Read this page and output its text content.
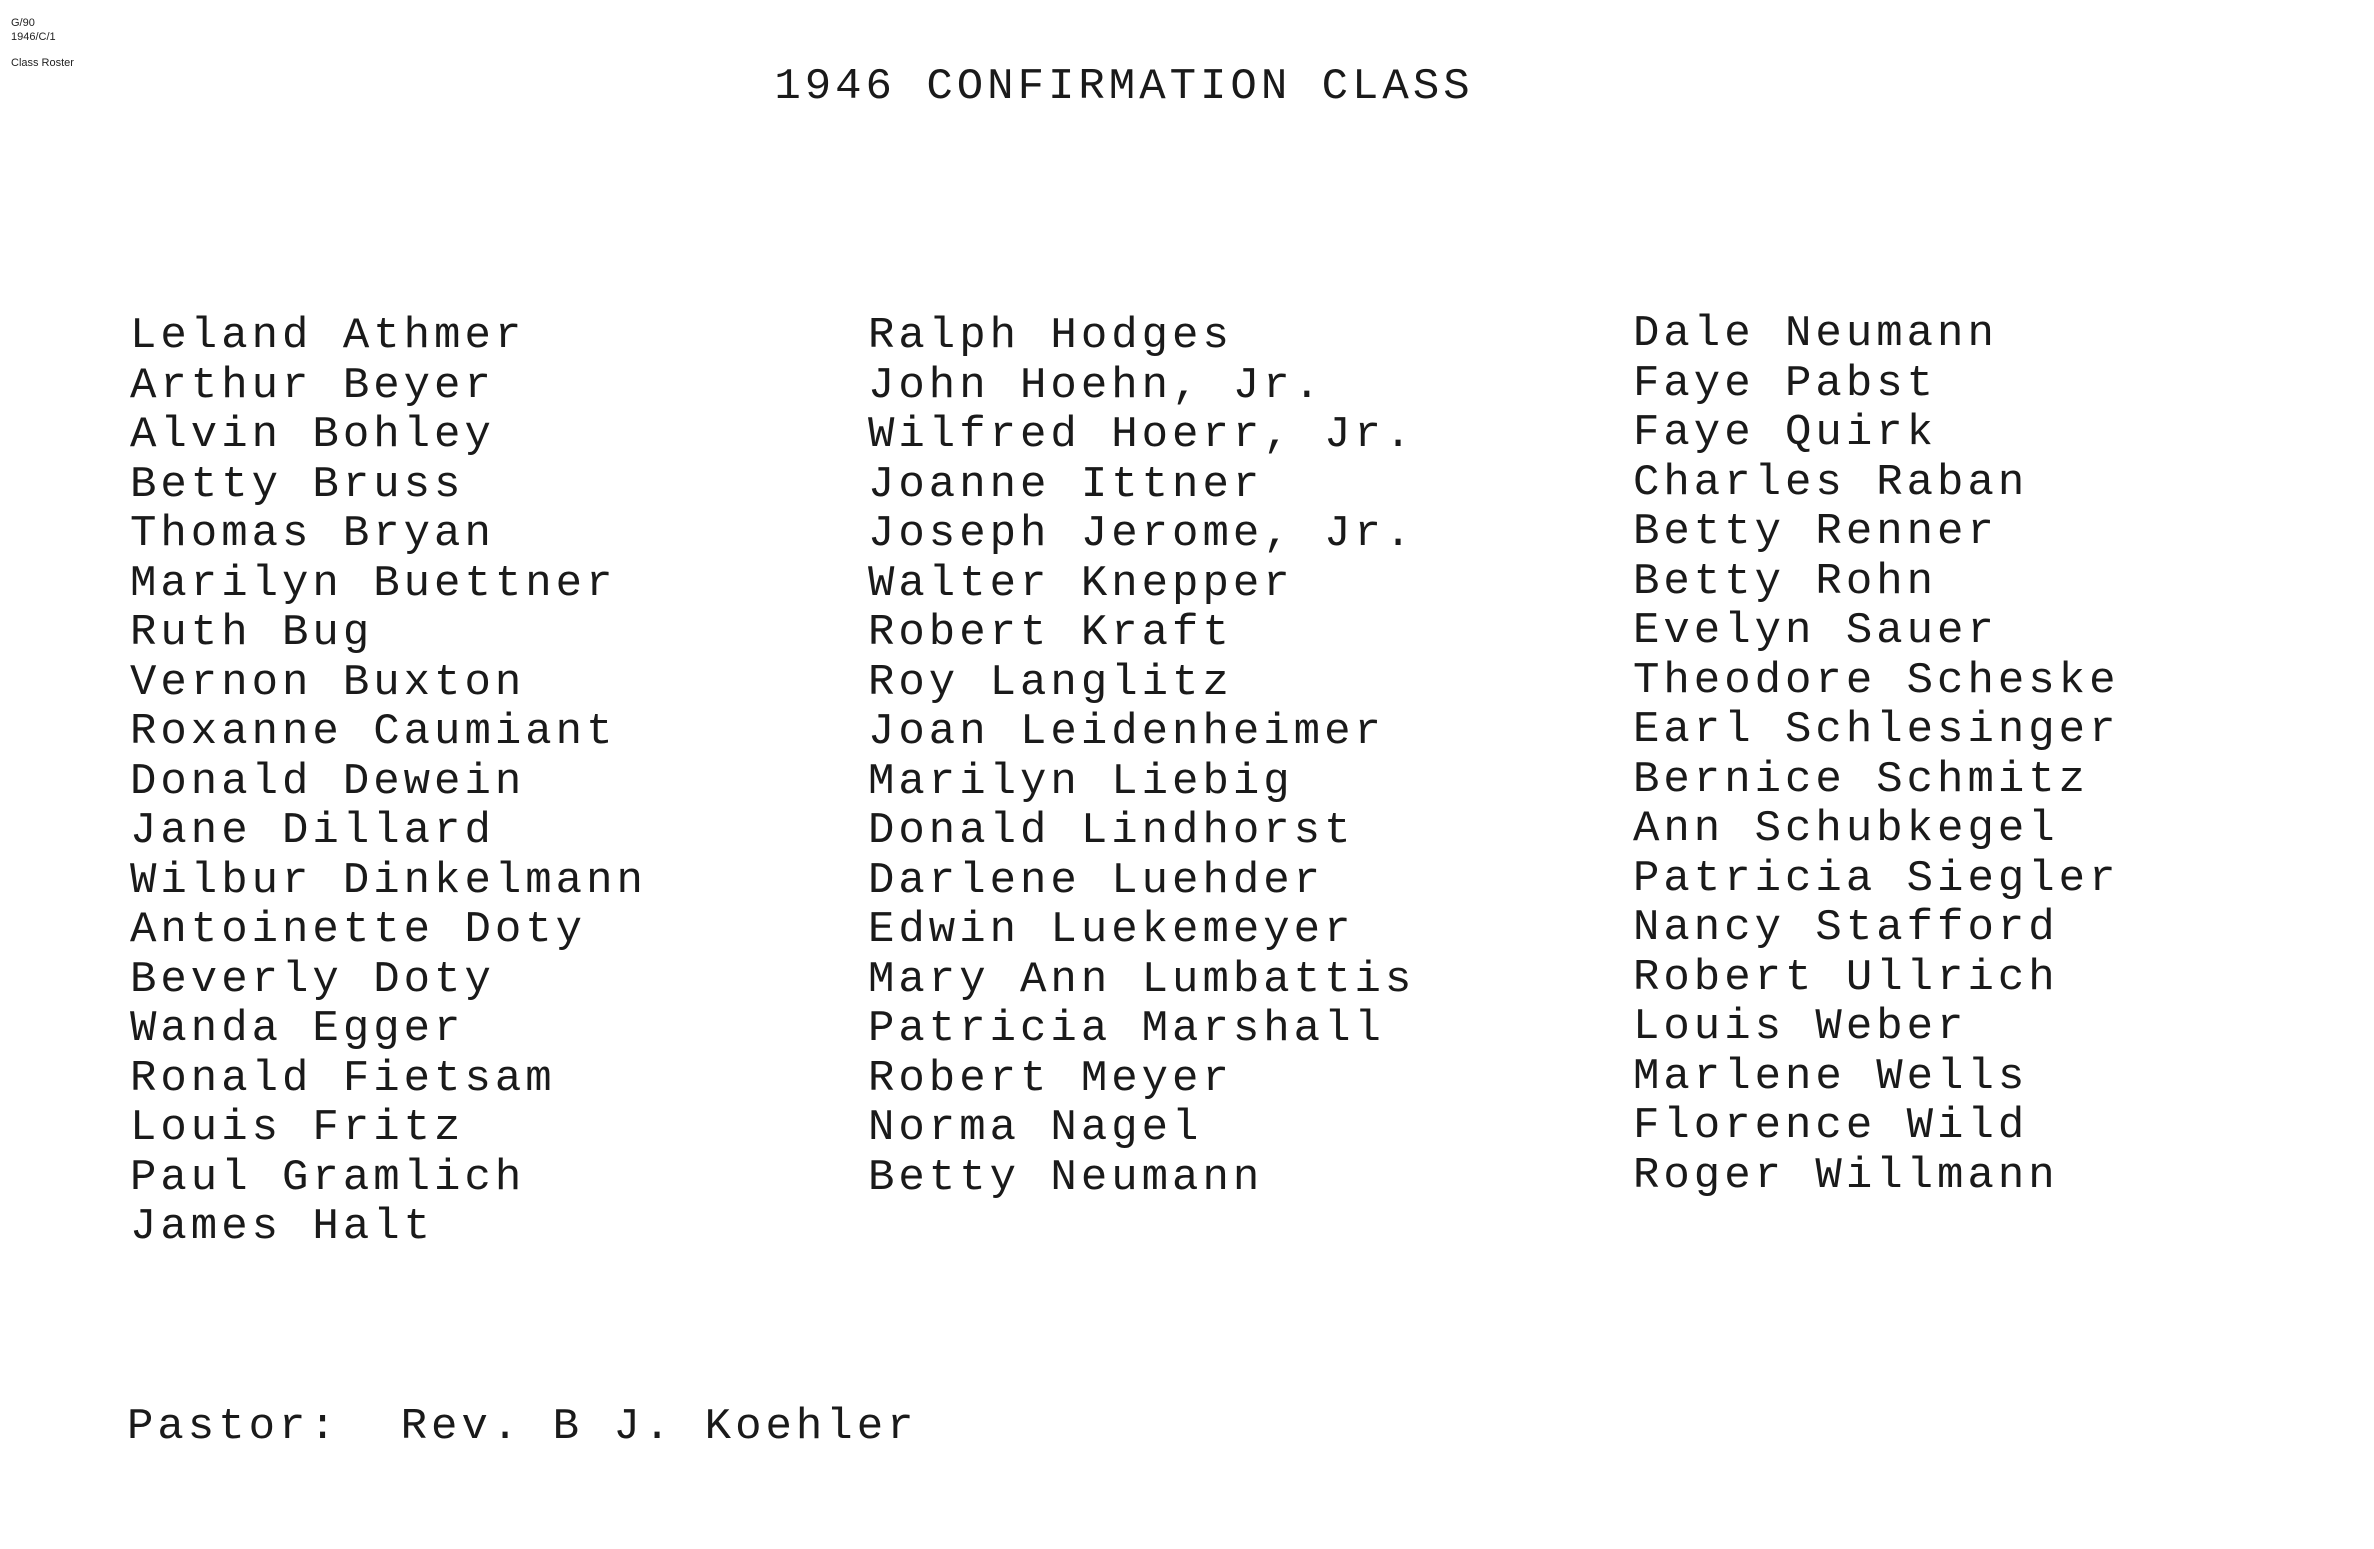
G/90
1946/C/1
Class Roster	1946 CONFIRMATION CLASS
Leland Athmer
Arthur Beyer
Alvin Bohley
Betty Bruss
Thomas Bryan
Marilyn Buettner
Ruth Bug
Vernon Buxton
Roxanne Caumiant
Donald Dewein
Jane Dillard
Wilbur Dinkelmann
Antoinette Doty
Beverly Doty
Wanda Egger
Ronald Fietsam
Louis Fritz
Paul Gramlich
James Halt
Ralph Hodges
John Hoehn, Jr.
Wilfred Hoerr, Jr.
Joanne Ittner
Joseph Jerome, Jr.
Walter Knepper
Robert Kraft
Roy Langlitz
Joan Leidenheimer
Marilyn Liebig
Donald Lindhorst
Darlene Luehder
Edwin Luekemeyer
Mary Ann Lumbattis
Patricia Marshall
Robert Meyer
Norma Nagel
Betty Neumann
Dale Neumann
Faye Pabst
Faye Quirk
Charles Raban
Betty Renner
Betty Rohn
Evelyn Sauer
Theodore Scheske
Earl Schlesinger
Bernice Schmitz
Ann Schubkegel
Patricia Siegler
Nancy Stafford
Robert Ullrich
Louis Weber
Marlene Wells
Florence Wild
Roger Willmann
Pastor:  Rev. B J. Koehler
